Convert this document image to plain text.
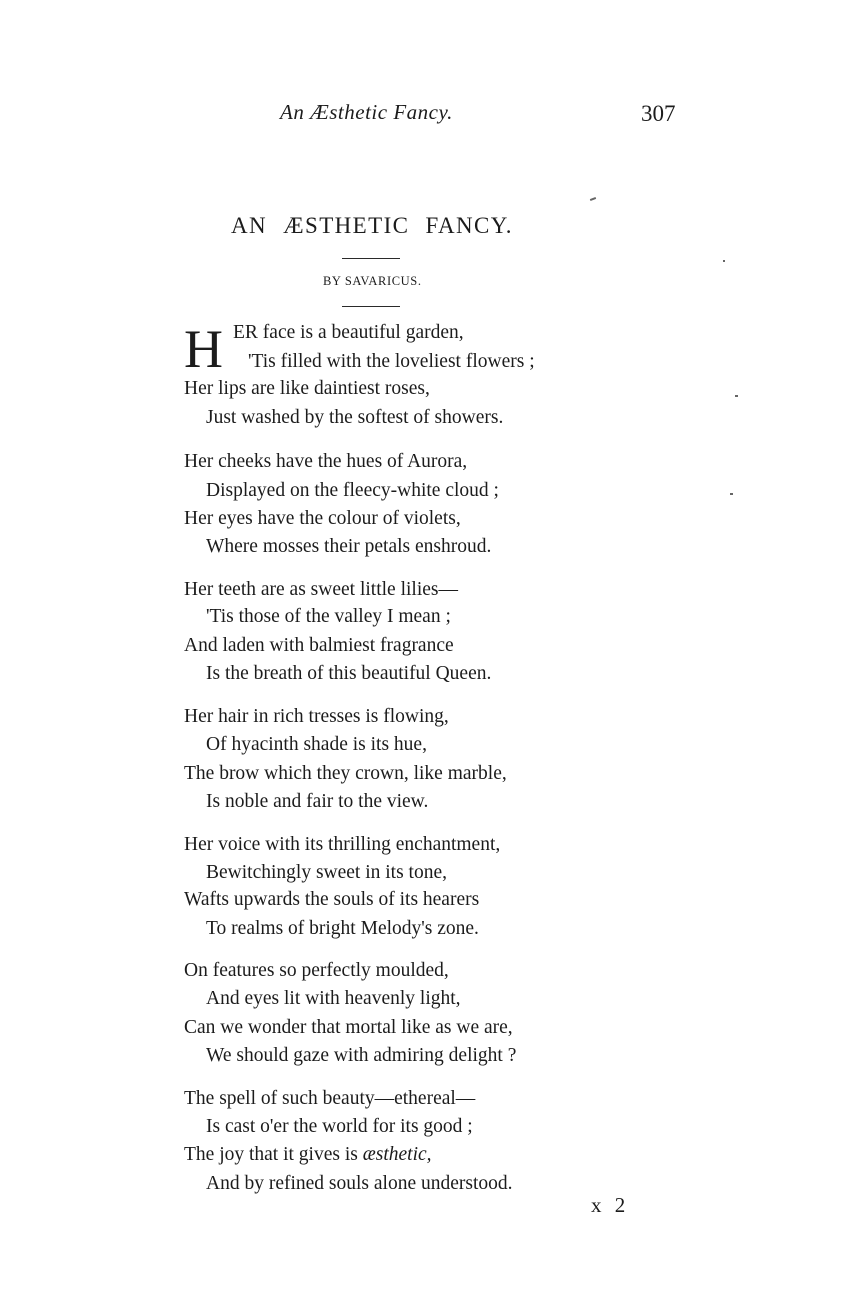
An Æsthetic Fancy.	307
AN ÆSTHETIC FANCY.
BY SAVARICUS.
H ER face is a beautiful garden,
'Tis filled with the loveliest flowers ;
Her lips are like daintiest roses,
Just washed by the softest of showers.
Her cheeks have the hues of Aurora,
Displayed on the fleecy-white cloud ;
Her eyes have the colour of violets,
Where mosses their petals enshroud.
Her teeth are as sweet little lilies—
'Tis those of the valley I mean ;
And laden with balmiest fragrance
Is the breath of this beautiful Queen.
Her hair in rich tresses is flowing,
Of hyacinth shade is its hue,
The brow which they crown, like marble,
Is noble and fair to the view.
Her voice with its thrilling enchantment,
Bewitchingly sweet in its tone,
Wafts upwards the souls of its hearers
To realms of bright Melody's zone.
On features so perfectly moulded,
And eyes lit with heavenly light,
Can we wonder that mortal like as we are,
We should gaze with admiring delight ?
The spell of such beauty—ethereal—
Is cast o'er the world for its good ;
The joy that it gives is æsthetic,
And by refined souls alone understood.
x 2
